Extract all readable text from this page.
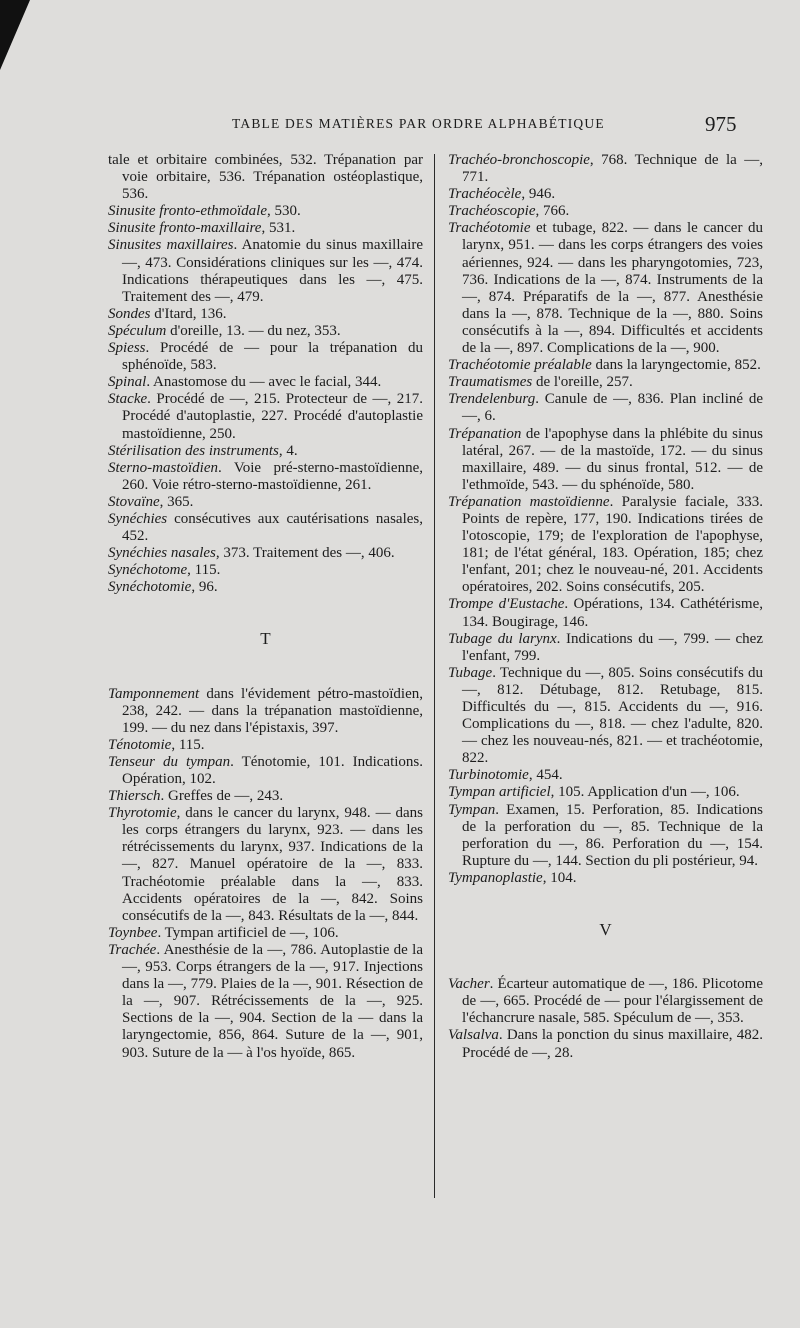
TABLE DES MATIÈRES PAR ORDRE ALPHABÉTIQUE	975
tale et orbitaire combinées, 532. Trépanation par voie orbitaire, 536. Trépanation ostéoplastique, 536.
Sinusite fronto-ethmoïdale, 530.
Sinusite fronto-maxillaire, 531.
Sinusites maxillaires. Anatomie du sinus maxillaire —, 473. Considérations cliniques sur les —, 474. Indications thérapeutiques dans les —, 475. Traitement des —, 479.
Sondes d'Itard, 136.
Spéculum d'oreille, 13. — du nez, 353.
Spiess. Procédé de — pour la trépanation du sphénoïde, 583.
Spinal. Anastomose du — avec le facial, 344.
Stacke. Procédé de —, 215. Protecteur de —, 217. Procédé d'autoplastie, 227. Procédé d'autoplastie mastoïdienne, 250.
Stérilisation des instruments, 4.
Sterno-mastoïdien. Voie pré-sterno-mastoïdienne, 260. Voie rétro-sterno-mastoïdienne, 261.
Stovaïne, 365.
Synéchies consécutives aux cautérisations nasales, 452.
Synéchies nasales, 373. Traitement des —, 406.
Synéchotome, 115.
Synéchotomie, 96.
T
Tamponnement dans l'évidement pétro-mastoïdien, 238, 242. — dans la trépanation mastoïdienne, 199. — du nez dans l'épistaxis, 397.
Ténotomie, 115.
Tenseur du tympan. Ténotomie, 101. Indications. Opération, 102.
Thiersch. Greffes de —, 243.
Thyrotomie, dans le cancer du larynx, 948. — dans les corps étrangers du larynx, 923. — dans les rétrécissements du larynx, 937. Indications de la —, 827. Manuel opératoire de la —, 833. Trachéotomie préalable dans la —, 833. Accidents opératoires de la —, 842. Soins consécutifs de la —, 843. Résultats de la —, 844.
Toynbee. Tympan artificiel de —, 106.
Trachée. Anesthésie de la —, 786. Autoplastie de la —, 953. Corps étrangers de la —, 917. Injections dans la —, 779. Plaies de la —, 901. Résection de la —, 907. Rétrécissements de la —, 925. Sections de la —, 904. Section de la — dans la laryngectomie, 856, 864. Suture de la —, 901, 903. Suture de la — à l'os hyoïde, 865.
Trachéo-bronchoscopie, 768. Technique de la —, 771.
Trachéocèle, 946.
Trachéoscopie, 766.
Trachéotomie et tubage, 822. — dans le cancer du larynx, 951. — dans les corps étrangers des voies aériennes, 924. — dans les pharyngotomies, 723, 736. Indications de la —, 874. Instruments de la —, 874. Préparatifs de la —, 877. Anesthésie dans la —, 878. Technique de la —, 880. Soins consécutifs à la —, 894. Difficultés et accidents de la —, 897. Complications de la —, 900.
Trachéotomie préalable dans la laryngectomie, 852.
Traumatismes de l'oreille, 257.
Trendelenburg. Canule de —, 836. Plan incliné de —, 6.
Trépanation de l'apophyse dans la phlébite du sinus latéral, 267. — de la mastoïde, 172. — du sinus maxillaire, 489. — du sinus frontal, 512. — de l'ethmoïde, 543. — du sphénoïde, 580.
Trépanation mastoïdienne. Paralysie faciale, 333. Points de repère, 177, 190. Indications tirées de l'otoscopie, 179; de l'exploration de l'apophyse, 181; de l'état général, 183. Opération, 185; chez l'enfant, 201; chez le nouveau-né, 201. Accidents opératoires, 202. Soins consécutifs, 205.
Trompe d'Eustache. Opérations, 134. Cathétérisme, 134. Bougirage, 146.
Tubage du larynx. Indications du —, 799. — chez l'enfant, 799.
Tubage. Technique du —, 805. Soins consécutifs du —, 812. Détubage, 812. Retubage, 815. Difficultés du —, 815. Accidents du —, 916. Complications du —, 818. — chez l'adulte, 820. — chez les nouveau-nés, 821. — et trachéotomie, 822.
Turbinotomie, 454.
Tympan artificiel, 105. Application d'un —, 106.
Tympan. Examen, 15. Perforation, 85. Indications de la perforation du —, 85. Technique de la perforation du —, 86. Perforation du —, 154. Rupture du —, 144. Section du pli postérieur, 94.
Tympanoplastie, 104.
V
Vacher. Écarteur automatique de —, 186. Plicotome de —, 665. Procédé de — pour l'élargissement de l'échancrure nasale, 585. Spéculum de —, 353.
Valsalva. Dans la ponction du sinus maxillaire, 482. Procédé de —, 28.
